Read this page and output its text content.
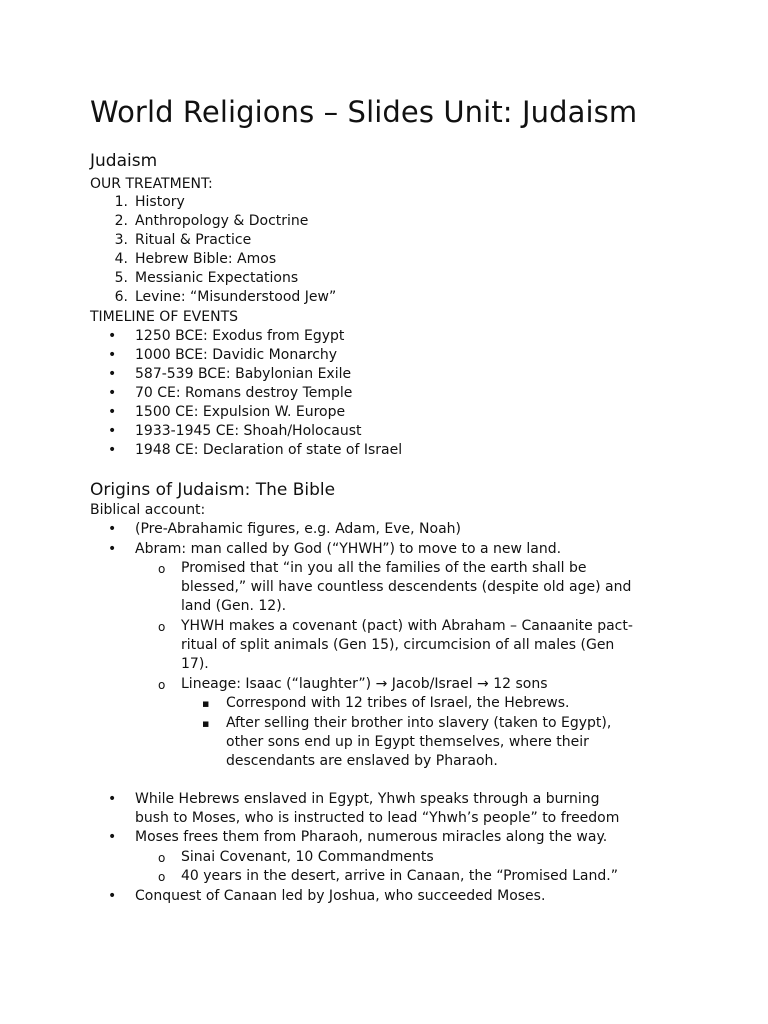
World Religions – Slides Unit: Judaism
Judaism
OUR TREATMENT:
1. History
2. Anthropology & Doctrine
3. Ritual & Practice
4. Hebrew Bible: Amos
5. Messianic Expectations
6. Levine: “Misunderstood Jew”
TIMELINE OF EVENTS
• 1250 BCE: Exodus from Egypt
• 1000 BCE: Davidic Monarchy
• 587-539 BCE: Babylonian Exile
• 70 CE: Romans destroy Temple
• 1500 CE: Expulsion W. Europe
• 1933-1945 CE: Shoah/Holocaust
• 1948 CE: Declaration of state of Israel
Origins of Judaism: The Bible
Biblical account:
• (Pre-Abrahamic figures, e.g. Adam, Eve, Noah)
• Abram: man called by God (“YHWH”) to move to a new land.
o Promised that “in you all the families of the earth shall be
blessed,” will have countless descendents (despite old age) and
land (Gen. 12).
o YHWH makes a covenant (pact) with Abraham – Canaanite pact-
ritual of split animals (Gen 15), circumcision of all males (Gen
17).
o Lineage: Isaac (“laughter”) → Jacob/Israel → 12 sons
▪ Correspond with 12 tribes of Israel, the Hebrews.
▪ After selling their brother into slavery (taken to Egypt),
other sons end up in Egypt themselves, where their
descendants are enslaved by Pharaoh.
• While Hebrews enslaved in Egypt, Yhwh speaks through a burning
bush to Moses, who is instructed to lead “Yhwh’s people” to freedom
• Moses frees them from Pharaoh, numerous miracles along the way.
o Sinai Covenant, 10 Commandments
o 40 years in the desert, arrive in Canaan, the “Promised Land.”
• Conquest of Canaan led by Joshua, who succeeded Moses.
